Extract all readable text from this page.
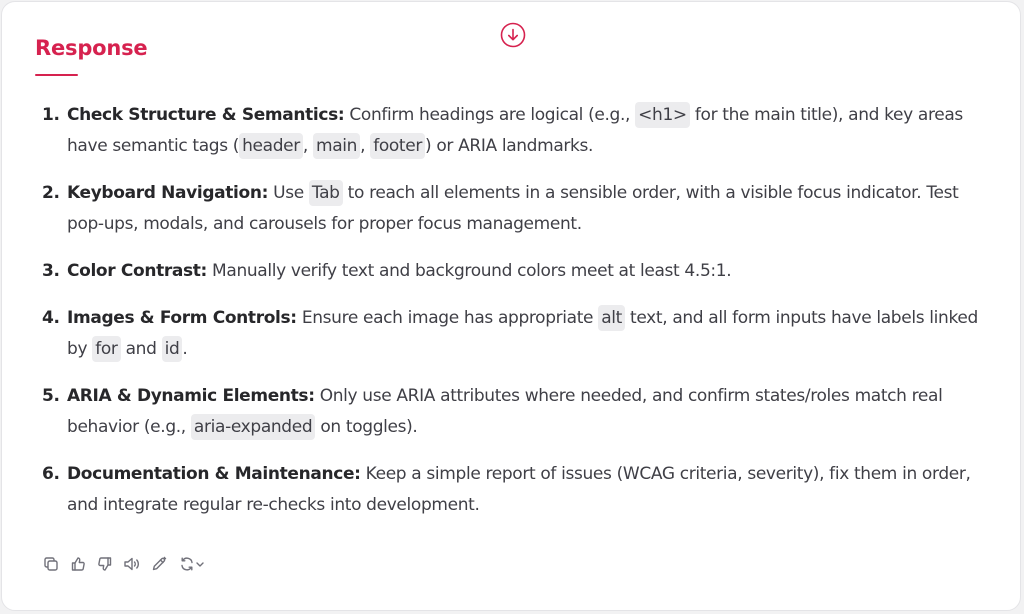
Response
1. Check Structure & Semantics: Confirm headings are logical (e.g., <h1> for the main title), and key areas have semantic tags ( header , main , footer ) or ARIA landmarks.
2. Keyboard Navigation: Use Tab to reach all elements in a sensible order, with a visible focus indicator. Test pop-ups, modals, and carousels for proper focus management.
3. Color Contrast: Manually verify text and background colors meet at least 4.5:1.
4. Images & Form Controls: Ensure each image has appropriate alt text, and all form inputs have labels linked by for and id .
5. ARIA & Dynamic Elements: Only use ARIA attributes where needed, and confirm states/roles match real behavior (e.g., aria-expanded on toggles).
6. Documentation & Maintenance: Keep a simple report of issues (WCAG criteria, severity), fix them in order, and integrate regular re-checks into development.
